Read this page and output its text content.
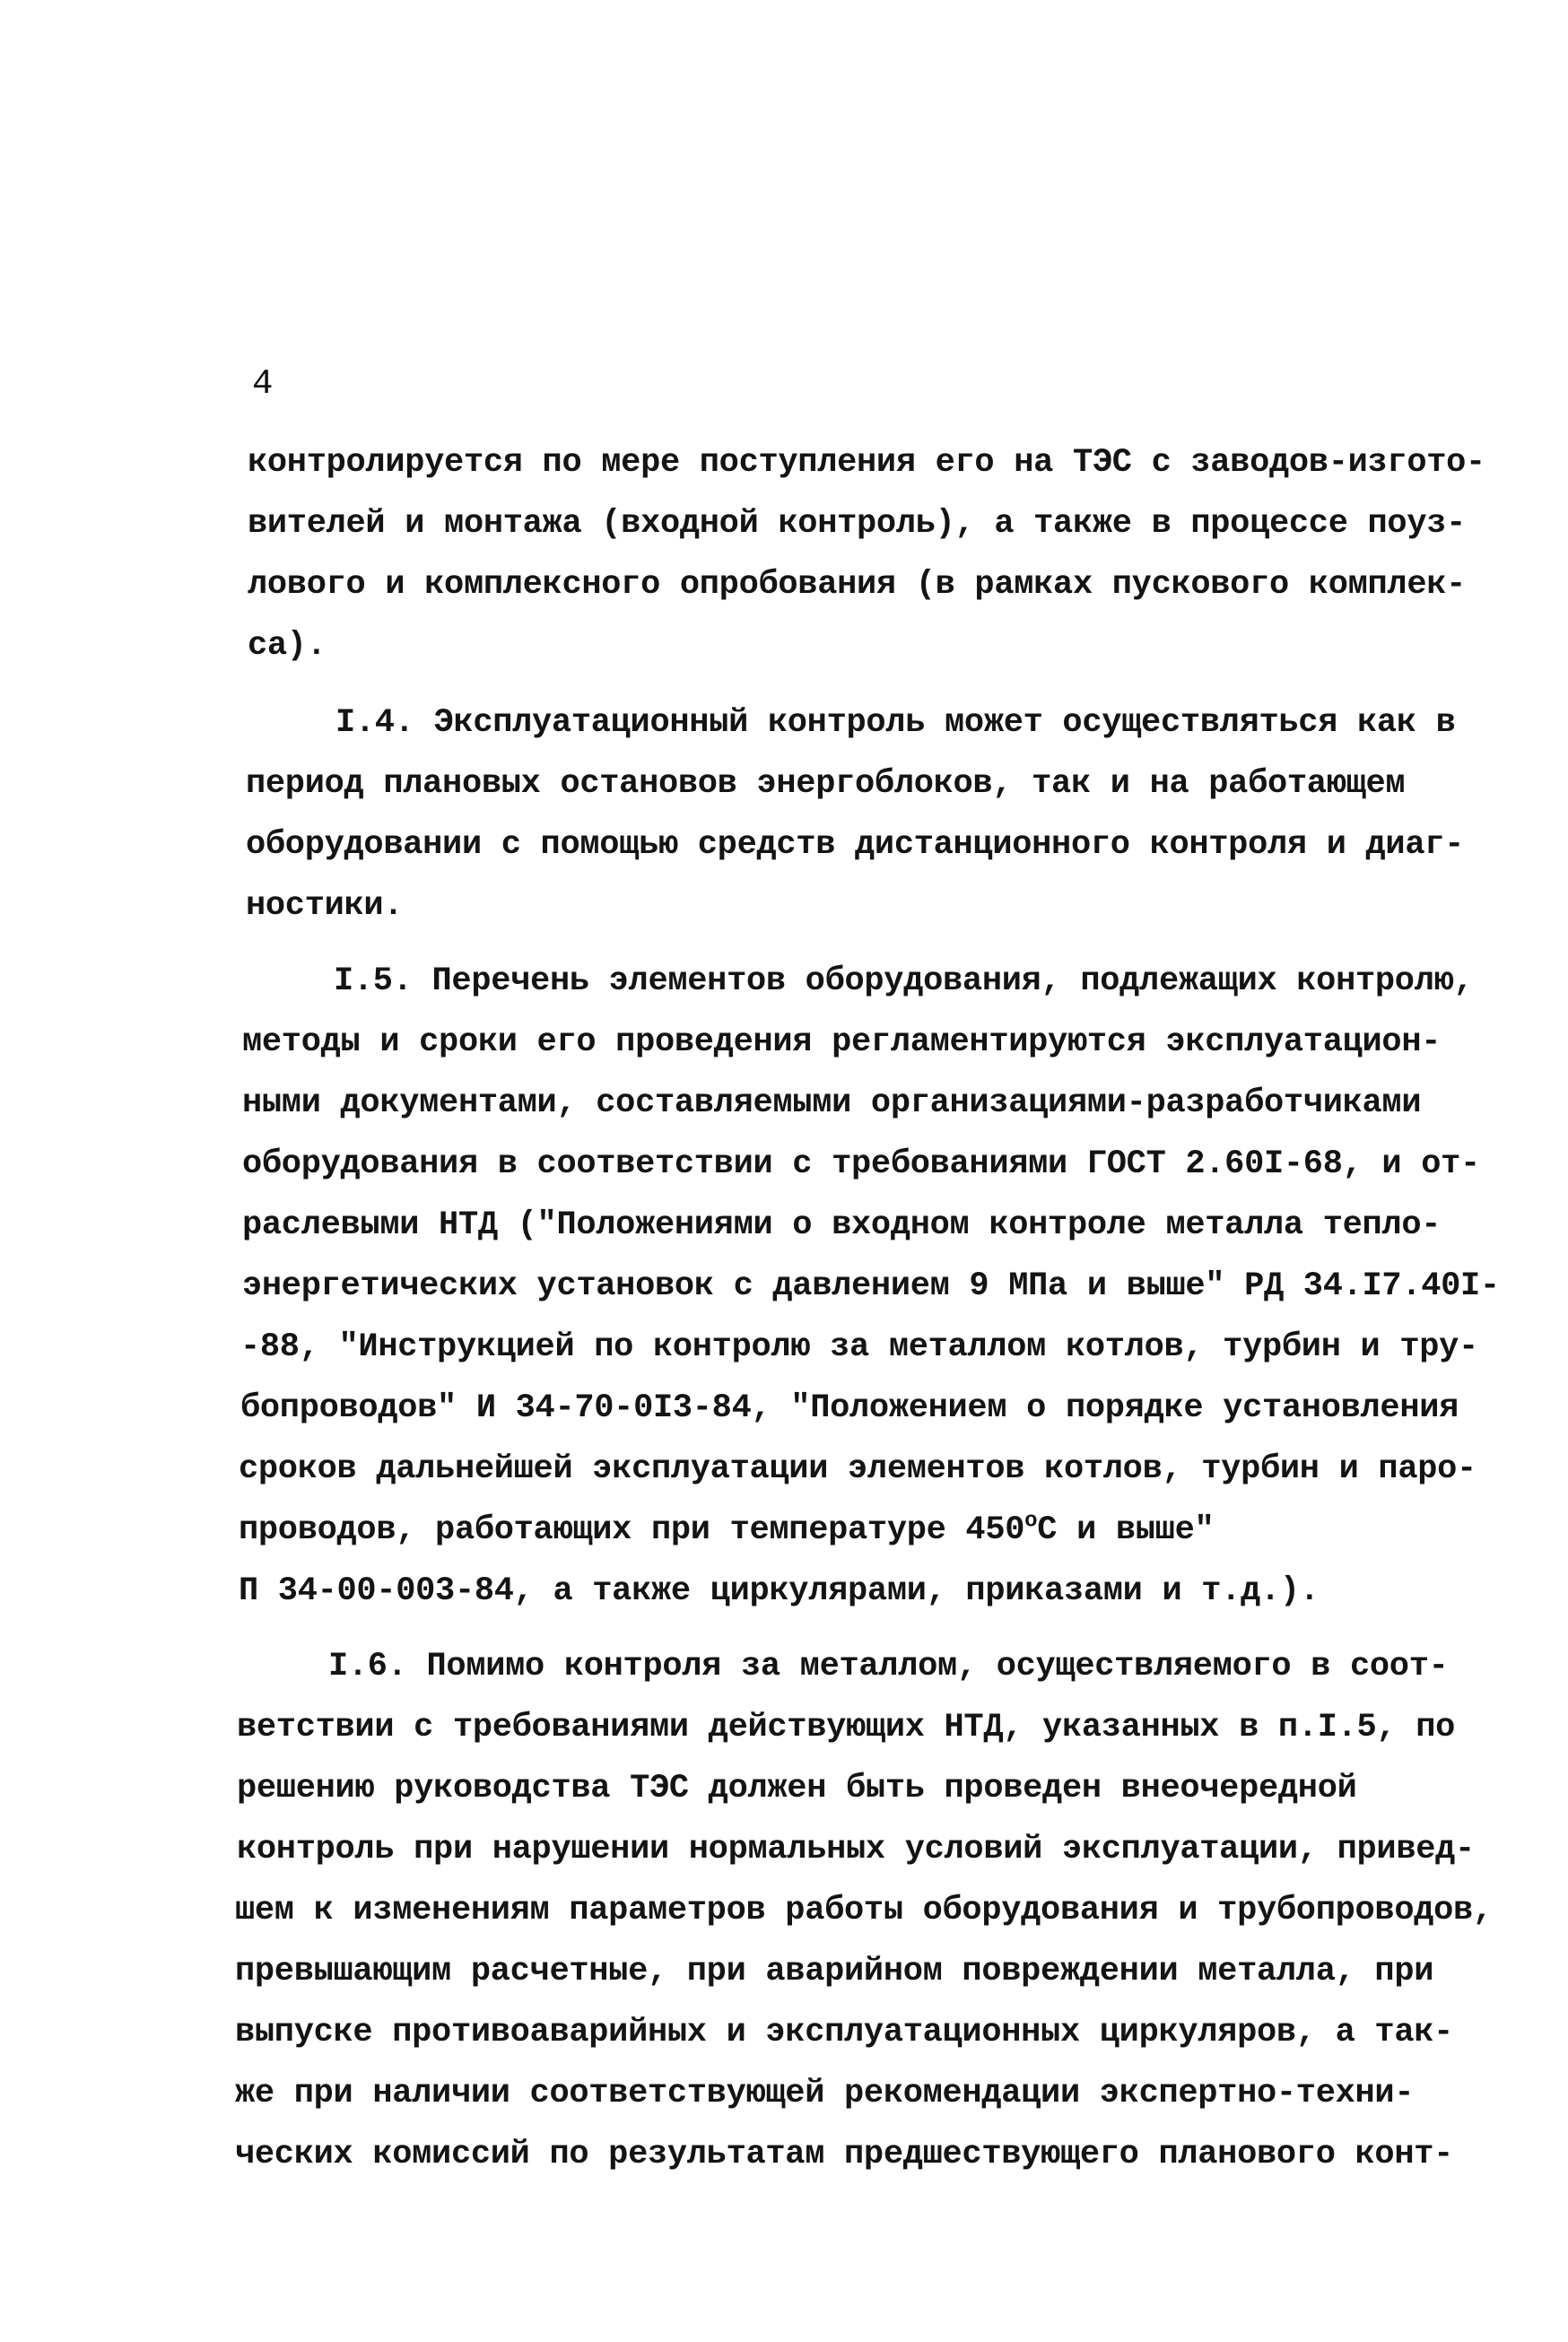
4
контролируется по мере поступления его на ТЭС с заводов-изгото-
вителей и монтажа (входной контроль), а также в процессе поуз-
лового и комплексного опробования (в рамках пускового комплек-
са).
I.4. Эксплуатационный контроль может осуществляться как в
период плановых остановов энергоблоков, так и на работающем
оборудовании с помощью средств дистанционного контроля и диаг-
ностики.
I.5. Перечень элементов оборудования, подлежащих контролю,
методы и сроки его проведения регламентируются эксплуатацион-
ными документами, составляемыми организациями-разработчиками
оборудования в соответствии с требованиями ГОСТ 2.60I-68, и от-
раслевыми НТД ("Положениями о входном контроле металла тепло-
энергетических установок с давлением 9 МПа и выше" РД 34.I7.40I-
-88, "Инструкцией по контролю за металлом котлов, турбин и тру-
бопроводов" И 34-70-0I3-84, "Положением о порядке установления
сроков дальнейшей эксплуатации элементов котлов, турбин и паро-
проводов, работающих при температуре $450^оС$ и выше"
П 34-00-003-84, а также циркулярами, приказами и т.д.).
I.6. Помимо контроля за металлом, осуществляемого в соот-
ветствии с требованиями действующих НТД, указанных в п.I.5, по
решению руководства ТЭС должен быть проведен внеочередной
контроль при нарушении нормальных условий эксплуатации, привед-
шем к изменениям параметров работы оборудования и трубопроводов,
превышающим расчетные, при аварийном повреждении металла, при
выпуске противоаварийных и эксплуатационных циркуляров, а так-
же при наличии соответствующей рекомендации экспертно-техни-
ческих комиссий по результатам предшествующего планового конт-
